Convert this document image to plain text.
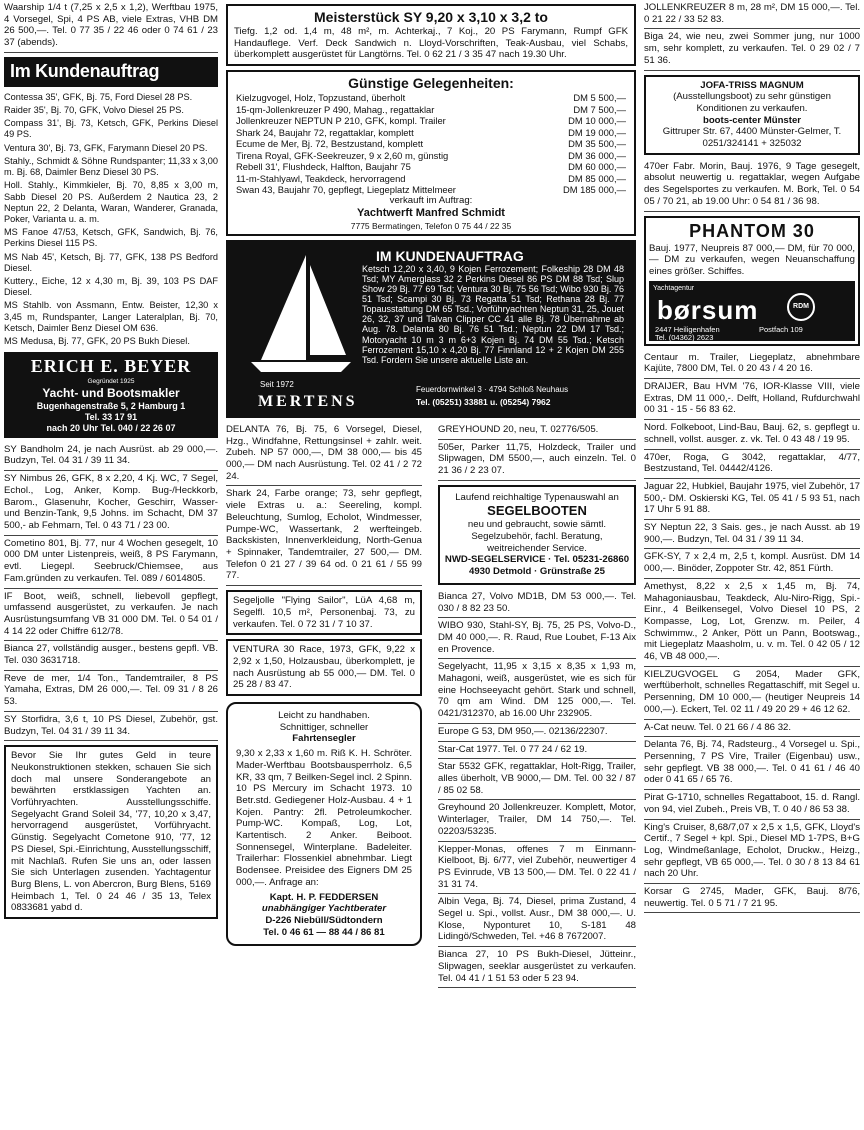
Waarship 1/4 t (7,25 x 2,5 x 1,2), Werftbau 1975, 4 Vorsegel, Spi, 4 PS AB, viele Extras, VHB DM 26 500,—. Tel. 0 77 35 / 22 46 oder 0 74 61 / 23 37 (abends).
Im Kundenauftrag
Contessa 35', GFK, Bj. 75, Ford Diesel 28 PS.
Raider 35', Bj. 70, GFK, Volvo Diesel 25 PS.
Compass 31', Bj. 73, Ketsch, GFK, Perkins Diesel 49 PS.
Ventura 30', Bj. 73, GFK, Farymann Diesel 20 PS.
Stahly., Schmidt & Söhne Rundspanter; 11,33 x 3,00 m. Bj. 68, Daimler Benz Diesel 30 PS.
Holl. Stahly., Kimmkieler, Bj. 70, 8,85 x 3,00 m, Sabb Diesel 20 PS. Außerdem 2 Nautica 23, 2 Neptun 22, 2 Delanta, Waran, Wanderer, Granada, Poker, Varianta u. a. m.
MS Fanoe 47/53, Ketsch, GFK, Sandwich, Bj. 76, Perkins Diesel 115 PS.
MS Nab 45', Ketsch, Bj. 77, GFK, 138 PS Bedford Diesel.
Kuttery., Eiche, 12 x 4,30 m, Bj. 39, 103 PS DAF Diesel.
MS Stahlb. von Assmann, Entw. Beister, 12,30 x 3,45 m, Rundspanter, Langer Lateralplan, Bj. 70, Ketsch, Daimler Benz Diesel OM 636.
MS Medusa, Bj. 77, GFK, 20 PS Bukh Diesel.
ERICH E. BEYER
Gegründet 1925
Yacht- und Bootsmakler
Bugenhagenstraße 5, 2 Hamburg 1
Tel. 33 17 91
nach 20 Uhr Tel. 040 / 22 26 07
SY Bandholm 24, je nach Ausrüst. ab 29 000,—. Budzyn, Tel. 04 31 / 39 11 34.
SY Nimbus 26, GFK, 8 x 2,20, 4 Kj. WC, 7 Segel, Echol., Log, Anker, Komp. Bug-/Heckkorb, Barom., Glasenuhr, Kocher, Geschirr, Wasser- und Benzin-Tank, 9,5 Johns. im Schacht, DM 37 500,- ab Fehmarn, Tel. 0 43 71 / 23 00.
Cometino 801, Bj. 77, nur 4 Wochen gesegelt, 10 000 DM unter Listenpreis, weiß, 8 PS Farymann, evtl. Liegepl. Seebruck/Chiemsee, aus Fam.gründen zu verkaufen. Tel. 089 / 6014805.
IF Boot, weiß, schnell, liebevoll gepflegt, umfassend ausgerüstet, zu verkaufen. Je nach Ausrüstungsumfang VB 31 000 DM. Tel. 0 54 01 / 4 14 22 oder Chiffre 612/78.
Bianca 27, vollständig ausger., bestens gepfl. VB. Tel. 030 3631718.
Reve de mer, 1/4 Ton., Tandemtrailer, 8 PS Yamaha, Extras, DM 26 000,—. Tel. 09 31 / 8 26 53.
SY Storfidra, 3,6 t, 10 PS Diesel, Zubehör, gst. Budzyn, Tel. 04 31 / 39 11 34.
Bevor Sie Ihr gutes Geld in teure Neukonstruktionen stekken, schauen Sie sich doch mal unsere Sonderangebote an bewährten erstklassigen Yachten an. Vorführyachten. Ausstellungsschiffe. Segelyacht Grand Soleil 34, '77, 10,20 x 3,47, hervorragend ausgerüstet, Vorführyacht. Günstig. Segelyacht Cometone 910, '77, 12 PS Diesel, Spi.-Einrichtung, Ausstellungsschiff, mit Nachlaß. Rufen Sie uns an, oder lassen Sie sich Unterlagen zusenden. Yachtagentur Burg Blens, L. von Abercron, Burg Blens, 5169 Heimbach 1, Tel. 0 24 46 / 35 13, Telex 0833681 yabd d.
Meisterstück SY 9,20 x 3,10 x 3,2 to
Tiefg. 1,2 od. 1,4 m, 48 m², m. Achterkaj., 7 Koj., 20 PS Farymann, Rumpf GFK Handauflege. Verf. Deck Sandwich n. Lloyd-Vorschriften, Teak-Ausbau, viel Schabs, überkomplett ausgerüstet für Langtörns. Tel. 0 62 21 / 3 35 47 nach 19.30 Uhr.
Günstige Gelegenheiten:
Kielzugvogel, Holz, Topzustand, überholt	DM 5 500,—
15-qm-Jollenkreuzer P 490, Mahag., regattaklar	DM 7 500,—
Jollenkreuzer NEPTUN P 210, GFK, kompl. Trailer	DM 10 000,—
Shark 24, Baujahr 72, regattaklar, komplett	DM 19 000,—
Ecume de Mer, Bj. 72, Bestzustand, komplett	DM 35 500,—
Tirena Royal, GFK-Seekreuzer, 9 x 2,60 m, günstig	DM 36 000,—
Rebell 31', Flushdeck, Halfton, Baujahr 75	DM 60 000,—
11-m-Stahlyawl, Teakdeck, hervorragend	DM 85 000,—
Swan 43, Baujahr 70, gepflegt, Liegeplatz Mittelmeer	DM 185 000,—
verkauft im Auftrag:
Yachtwerft Manfred Schmidt
7775 Bermatingen, Telefon 0 75 44 / 22 35
IM KUNDENAUFTRAG
Ketsch 12,20 x 3,40, 9 Kojen Ferrozement; Folkeship 28 DM 48 Tsd; MY Amerglass 32 2 Perkins Diesel 86 PS DM 88 Tsd; Slup Show 29 Bj. 77 69 Tsd; Ventura 30 Bj. 75 56 Tsd; Wibo 930 Bj. 76 51 Tsd; Scampi 30 Bj. 73 Regatta 51 Tsd; Rethana 28 Bj. 77 Topausstattung DM 65 Tsd.; Vorführyachten Neptun 31, 25, Jouet 26, 32, 37 und Talvan Clipper CC 41 alle Bj. 78 Übernahme ab Aug. 78. Delanta 80 Bj. 76 51 Tsd.; Neptun 22 DM 17 Tsd.; Motoryacht 10 m 3 m 6+3 Kojen Bj. 74 DM 55 Tsd.; Ketsch Ferrozement 15,10 x 4,20 Bj. 77 Finnland 12 + 2 Kojen DM 255 Tsd. Fordern Sie unsere aktuelle Liste an.
Seit 1972
MERTENS
Feuerdornwinkel 3 · 4794 Schloß Neuhaus
Tel. (05251) 33881 u. (05254) 7962
DELANTA 76, Bj. 75, 6 Vorsegel, Diesel, Hzg., Windfahne, Rettungsinsel + zahlr. weit. Zubeh. NP 57 000,—, DM 38 000,— bis 45 000,— DM nach Ausrüstung. Tel. 02 41 / 2 72 24.
Shark 24, Farbe orange; 73, sehr gepflegt, viele Extras u. a.: Seereling, kompl. Beleuchtung, Sumlog, Echolot, Windmesser, Pumpe-WC, Wassertank, 2 werfteingeb. Backskisten, Innenverkleidung, North-Genua + Spinnaker, Tandemtrailer, 27 500,— DM. Telefon 0 21 27 / 39 64 od. 0 21 61 / 55 99 77.
Segeljolle "Flying Sailor", LüA 4,68 m, Segelfl. 10,5 m², Personenbaj. 73, zu verkaufen. Tel. 0 72 31 / 7 10 37.
VENTURA 30 Race, 1973, GFK, 9,22 x 2,92 x 1,50, Holzausbau, überkomplett, je nach Ausrüstung ab 55 000,— DM. Tel. 0 25 28 / 83 47.
Leicht zu handhaben.
Schnittiger, schneller
Fahrtensegler
9,30 x 2,33 x 1,60 m. Riß K. H. Schröter. Mader-Werftbau Bootsbausperrholz. 6,5 KR, 33 qm, 7 Beilken-Segel incl. 2 Spinn. 10 PS Mercury im Schacht 1973. 10 Betr.std. Gediegener Holz-Ausbau. 4 + 1 Kojen. Pantry: 2fl. Petroleumkocher. Pump-WC. Kompaß, Log, Lot, Kartentisch. 2 Anker. Beiboot. Sonnensegel, Winterplane. Badeleiter. Trailerhar: Flossenkiel abnehmbar. Liegt Bodensee. Preisidee des Eigners DM 25 000,—. Anfrage an:
Kapt. H. P. FEDDERSEN
unabhängiger Yachtberater
D-226 Niebüll/Südtondern
Tel. 0 46 61 — 88 44 / 86 81
GREYHOUND 20, neu, T. 02776/505.
505er, Parker 11,75, Holzdeck, Trailer und Slipwagen, DM 5500,—, auch einzeln. Tel. 0 21 36 / 2 23 07.
Laufend reichhaltige Typenauswahl an
SEGELBOOTEN
neu und gebraucht, sowie sämtl. Segelzubehör, fachl. Beratung, weitreichender Service.
NWD-SEGELSERVICE · Tel. 05231-26860
4930 Detmold · Grünstraße 25
Bianca 27, Volvo MD1B, DM 53 000,—. Tel. 030 / 8 82 23 50.
WIBO 930, Stahl-SY, Bj. 75, 25 PS, Volvo-D., DM 40 000,—. R. Raud, Rue Loubet, F-13 Aix en Provence.
Segelyacht, 11,95 x 3,15 x 8,35 x 1,93 m, Mahagoni, weiß, ausgerüstet, wie es sich für eine Hochseeyacht gehört. Stark und schnell, 70 qm am Wind. DM 125 000,—. Tel. 0421/312370, ab 16.00 Uhr 232905.
Europe G 53, DM 950,—. 02136/22307.
Star-Cat 1977. Tel. 0 77 24 / 62 19.
Star 5532 GFK, regattaklar, Holt-Rigg, Trailer, alles überholt, VB 9000,— DM. Tel. 00 32 / 87 / 85 02 58.
Greyhound 20 Jollenkreuzer. Komplett, Motor, Winterlager, Trailer, DM 14 750,—. Tel. 02203/53235.
Klepper-Monas, offenes 7 m Einmann-Kielboot, Bj. 6/77, viel Zubehör, neuwertiger 4 PS Evinrude, VB 13 500,— DM. Tel. 0 22 41 / 31 31 74.
Albin Vega, Bj. 74, Diesel, prima Zustand, 4 Segel u. Spi., vollst. Ausr., DM 38 000,—. U. Klose, Nyponturet 10, S-181 48 Lidingö/Schweden, Tel. +46 8 7672007.
Bianca 27, 10 PS Bukh-Diesel, Jütteinr., Slipwagen, seeklar ausgerüstet zu verkaufen. Tel. 04 41 / 1 51 53 oder 5 23 94.
JOLLENKREUZER 8 m, 28 m², DM 15 000,—. Tel. 0 21 22 / 33 52 83.
Biga 24, wie neu, zwei Sommer jung, nur 1000 sm, sehr komplett, zu verkaufen. Tel. 0 29 02 / 7 51 36.
JOFA-TRISS MAGNUM
(Ausstellungsboot) zu sehr günstigen Konditionen zu verkaufen.
boots-center Münster
Gittruper Str. 67, 4400 Münster-Gelmer, T. 0251/324141 + 325032
470er Fabr. Morin, Bauj. 1976, 9 Tage gesegelt, absolut neuwertig u. regattaklar, wegen Aufgabe des Segelsportes zu verkaufen. M. Bork, Tel. 0 54 05 / 70 21, ab 19.00 Uhr: 0 54 81 / 36 98.
PHANTOM 30
Bauj. 1977, Neupreis 87 000,— DM, für 70 000,— DM zu verkaufen, wegen Neuanschaffung eines größer. Schiffes.
Yachtagentur
børsum	RDM
2447 Heiligenhafen	Postfach 109
Tel. (04362) 2623
Centaur m. Trailer, Liegeplatz, abnehmbare Kajüte, 7800 DM, Tel. 0 20 43 / 4 20 16.
DRAIJER, Bau HVM '76, IOR-Klasse VIII, viele Extras, DM 11 000,-. Delft, Holland, Rufdurchwahl 00 31 - 15 - 56 83 62.
Nord. Folkeboot, Lind-Bau, Bauj. 62, s. gepflegt u. schnell, vollst. ausger. z. vk. Tel. 0 43 48 / 19 95.
470er, Roga, G 3042, regattaklar, 4/77, Bestzustand, Tel. 04442/4126.
Jaguar 22, Hubkiel, Baujahr 1975, viel Zubehör, 17 500,- DM. Oskierski KG, Tel. 05 41 / 5 93 51, nach 17 Uhr 5 91 88.
SY Neptun 22, 3 Sais. ges., je nach Ausst. ab 19 900,—. Budzyn, Tel. 04 31 / 39 11 34.
GFK-SY, 7 x 2,4 m, 2,5 t, kompl. Ausrüst. DM 14 000,—. Binöder, Zoppoter Str. 42, 851 Fürth.
Amethyst, 8,22 x 2,5 x 1,45 m, Bj. 74, Mahagoniausbau, Teakdeck, Alu-Niro-Rigg, Spi.-Einr., 4 Beilkensegel, Volvo Diesel 10 PS, 2 Kompasse, Log, Lot, Grenzw. m. Peiler, 4 Schwimmw., 2 Anker, Pött un Pann, Bootswag., mit Liegeplatz Maasholm, u. v. m. Tel. 0 42 05 / 12 46, VB 48 000,—.
KIELZUGVOGEL G 2054, Mader GFK, werftüberholt, schnelles Regattaschiff, mit Segel u. Persenning, DM 10 000,— (heutiger Neupreis 14 000,—). Eckert, Tel. 02 11 / 49 20 29 + 46 12 62.
A-Cat neuw. Tel. 0 21 66 / 4 86 32.
Delanta 76, Bj. 74, Radsteurg., 4 Vorsegel u. Spi., Persenning, 7 PS Vire, Trailer (Eigenbau) usw., sehr gepflegt. VB 38 000,—. Tel. 0 41 61 / 46 40 oder 0 41 65 / 65 76.
Pirat G-1710, schnelles Regattaboot, 15. d. Rangl. von 94, viel Zubeh., Preis VB, T. 0 40 / 86 53 38.
King's Cruiser, 8,68/7,07 x 2,5 x 1,5, GFK, Lloyd's Certif., 7 Segel + kpl. Spi., Diesel MD 1-7PS, B+G Log, Windmeßanlage, Echolot, Druckw., Heizg., sehr gepflegt, VB 65 000,—. Tel. 0 30 / 8 13 84 61 nach 20 Uhr.
Korsar G 2745, Mader, GFK, Bauj. 8/76, neuwertig. Tel. 0 5 71 / 7 21 95.
